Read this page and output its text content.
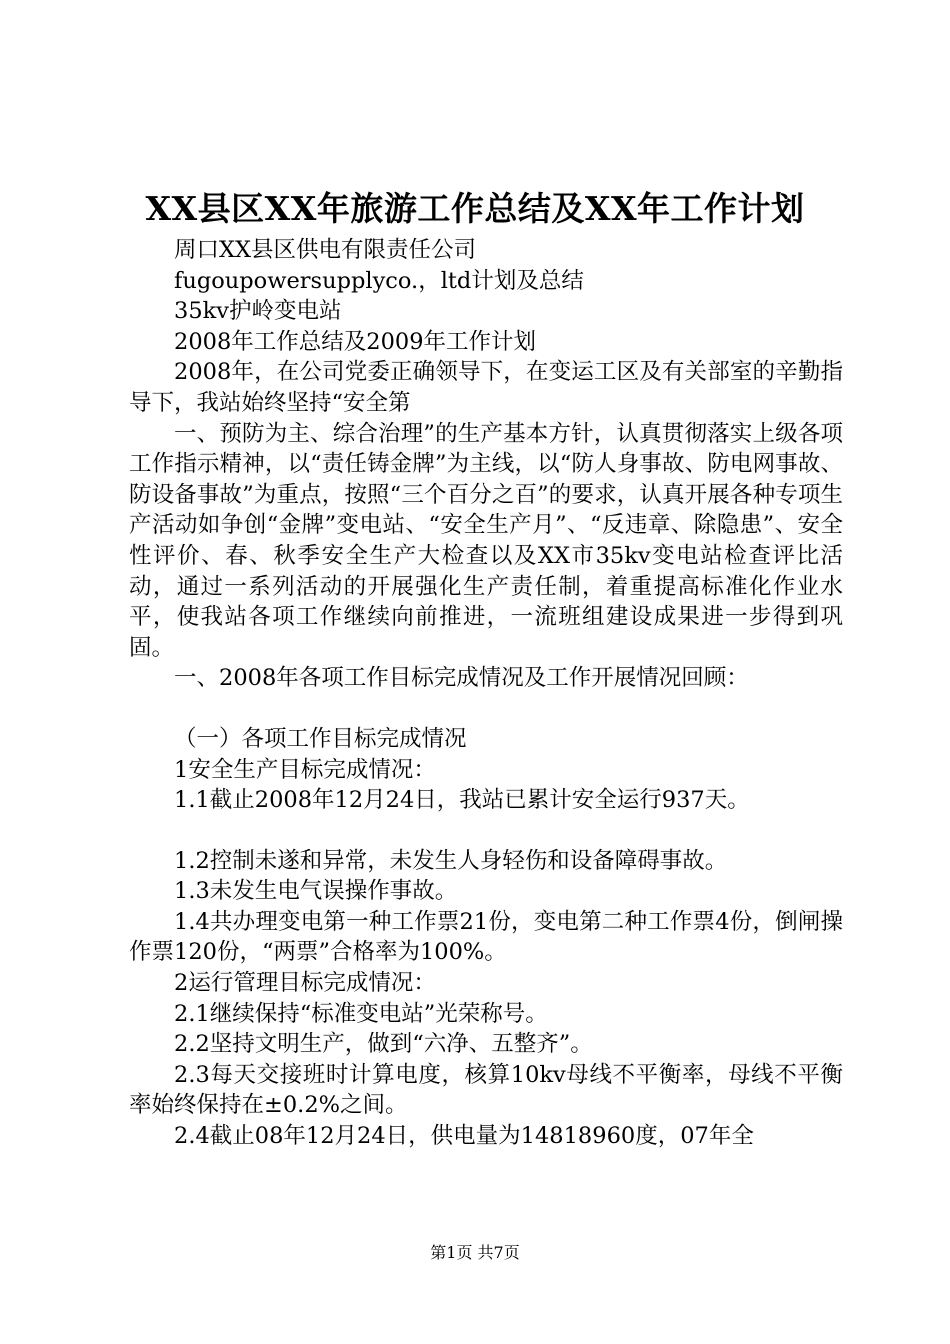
XX县区XX年旅游工作总结及XX年工作计划

周口XX县区供电有限责任公司

fugoupowersupplyco.，ltd计划及总结

35kv护岭变电站

2008年工作总结及2009年工作计划

2008年，在公司党委正确领导下，在变运工区及有关部室的辛勤指导下，我站始终坚持“安全第

一、预防为主、综合治理”的生产基本方针，认真贯彻落实上级各项工作指示精神，以“责任铸金牌”为主线，以“防人身事故、防电网事故、防设备事故”为重点，按照“三个百分之百”的要求，认真开展各种专项生产活动如争创“金牌”变电站、“安全生产月”、“反违章、除隐患”、安全性评价、春、秋季安全生产大检查以及XX市35kv变电站检查评比活动，通过一系列活动的开展强化生产责任制，着重提高标准化作业水平，使我站各项工作继续向前推进，一流班组建设成果进一步得到巩固。

一、2008年各项工作目标完成情况及工作开展情况回顾：

（一）各项工作目标完成情况

1安全生产目标完成情况：

1.1截止2008年12月24日，我站已累计安全运行937天。

1.2控制未遂和异常，未发生人身轻伤和设备障碍事故。

1.3未发生电气误操作事故。

1.4共办理变电第一种工作票21份，变电第二种工作票4份，倒闸操作票120份，“两票”合格率为100%。

2运行管理目标完成情况：

2.1继续保持“标准变电站”光荣称号。

2.2坚持文明生产，做到“六净、五整齐”。

2.3每天交接班时计算电度，核算10kv母线不平衡率，母线不平衡率始终保持在±0.2%之间。

2.4截止08年12月24日，供电量为14818960度，07年全

第1页 共7页
